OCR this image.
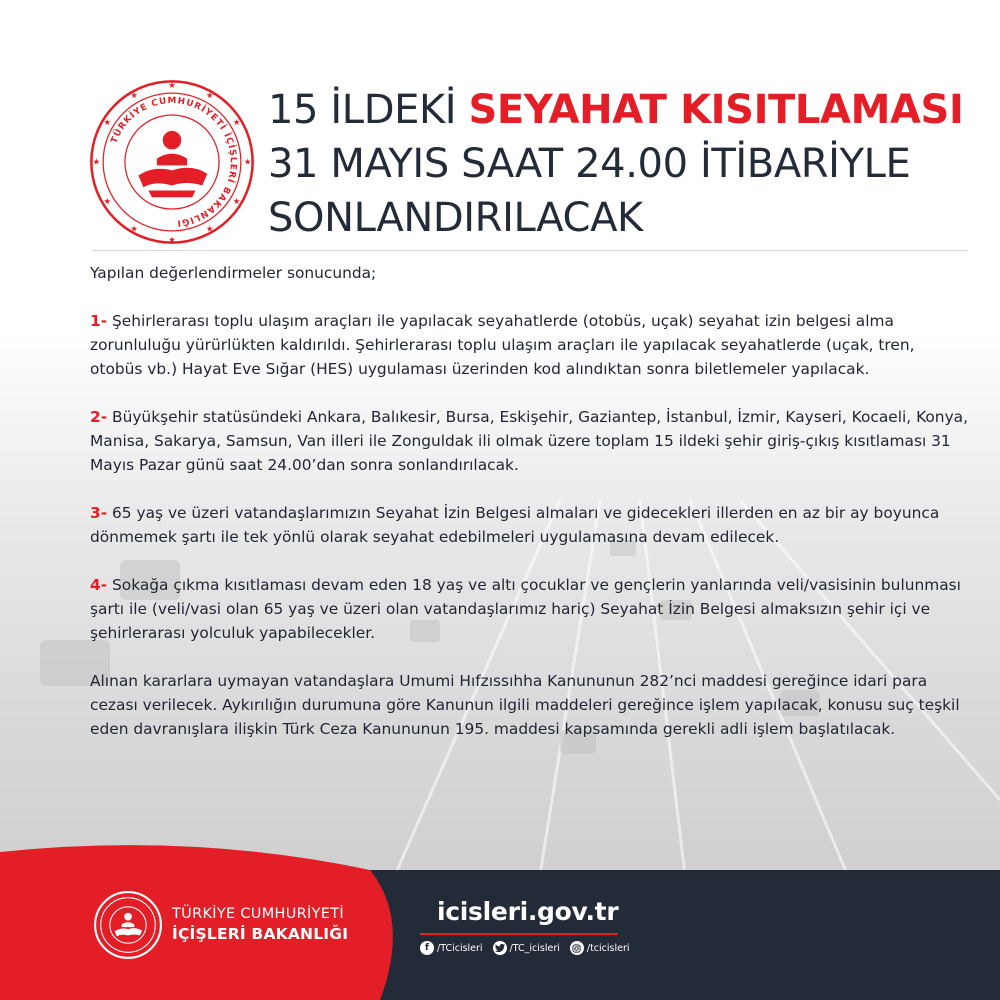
★
★
★
★
★
★
★
★
★
★
★
★
TÜRKİYE CUMHURİYETİ İÇİŞLERİ BAKANLIĞI
15 İLDEKİ SEYAHAT KISITLAMASI
31 MAYIS SAAT 24.00 İTİBARİYLE
SONLANDIRILACAK

Yapılan değerlendirmeler sonucunda;

1- Şehirlerarası toplu ulaşım araçları ile yapılacak seyahatlerde (otobüs, uçak) seyahat izin belgesi alma zorunluluğu yürürlükten kaldırıldı. Şehirlerarası toplu ulaşım araçları ile yapılacak seyahatlerde (uçak, tren, otobüs vb.) Hayat Eve Sığar (HES) uygulaması üzerinden kod alındıktan sonra biletlemeler yapılacak.

2- Büyükşehir statüsündeki Ankara, Balıkesir, Bursa, Eskişehir, Gaziantep, İstanbul, İzmir, Kayseri, Kocaeli, Konya, Manisa, Sakarya, Samsun, Van illeri ile Zonguldak ili olmak üzere toplam 15 ildeki şehir giriş-çıkış kısıtlaması 31 Mayıs Pazar günü saat 24.00’dan sonra sonlandırılacak.

3- 65 yaş ve üzeri vatandaşlarımızın Seyahat İzin Belgesi almaları ve gidecekleri illerden en az bir ay boyunca dönmemek şartı ile tek yönlü olarak seyahat edebilmeleri uygulamasına devam edilecek.

4- Sokağa çıkma kısıtlaması devam eden 18 yaş ve altı çocuklar ve gençlerin yanlarında veli/vasisinin bulunması şartı ile (veli/vasi olan 65 yaş ve üzeri olan vatandaşlarımız hariç) Seyahat İzin Belgesi almaksızın şehir içi ve şehirlerarası yolculuk yapabilecekler.

Alınan kararlara uymayan vatandaşlara Umumi Hıfzıssıhha Kanununun 282’nci maddesi gereğince idari para cezası verilecek. Aykırılığın durumuna göre Kanunun ilgili maddeleri gereğince işlem yapılacak, konusu suç teşkil eden davranışlara ilişkin Türk Ceza Kanununun 195. maddesi kapsamında gerekli adli işlem başlatılacak.

TÜRKİYE CUMHURİYETİ
İÇİŞLERİ BAKANLIĞI
icisleri.gov.tr
f /TCicisleri	/TC_icisleri	/tcicisleri
